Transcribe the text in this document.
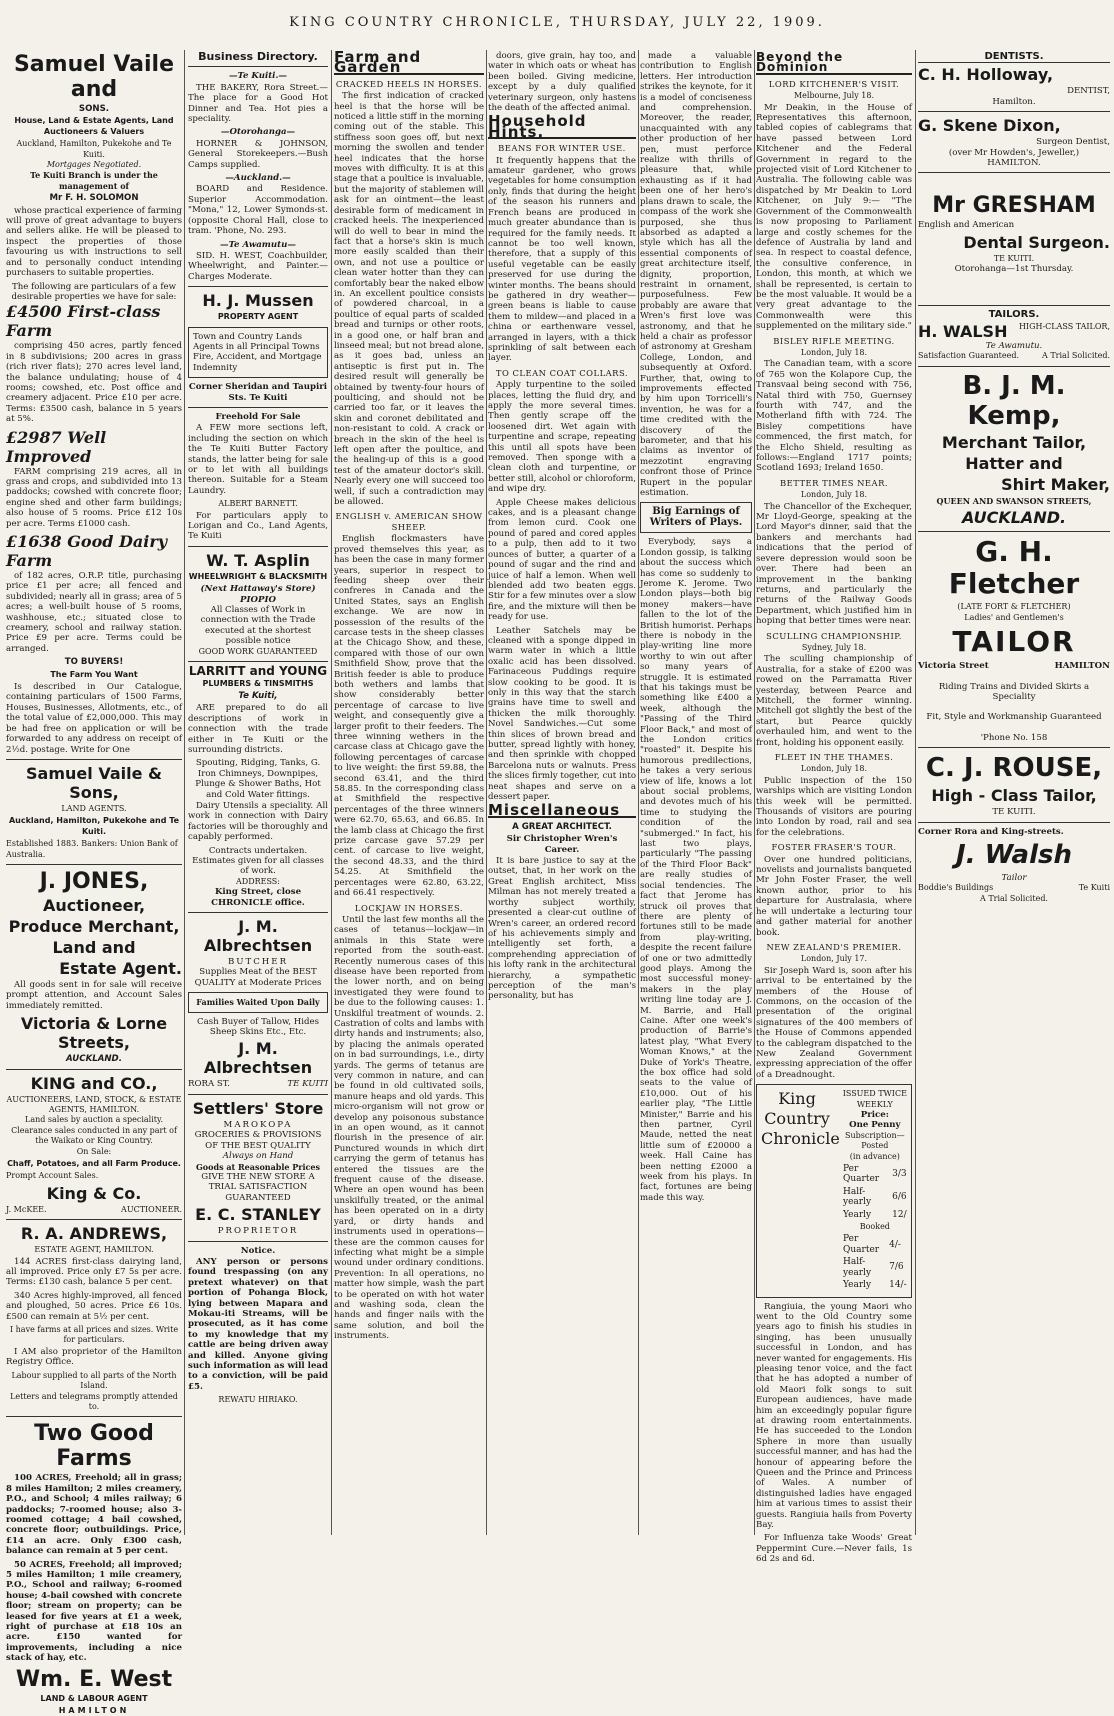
KING COUNTRY CHRONICLE, THURSDAY, JULY 22, 1909.
Samuel Vaile and
SONS.
House, Land & Estate Agents, Land Auctioneers & Valuers
Auckland, Hamilton, Pukekohe and Te Kuiti.
Mortgages Negotiated.
Te Kuiti Branch is under the management of
Mr F. H. SOLOMON
whose practical experience of farming will prove of great advantage to buyers and sellers alike. He will be pleased to inspect the properties of those favouring us with instructions to sell and to personally conduct intending purchasers to suitable properties.
The following are particulars of a few desirable properties we have for sale:
£4500 First-class Farm
comprising 450 acres, partly fenced in 8 subdivisions; 200 acres in grass (rich river flats); 270 acres level land, the balance undulating; house of 4 rooms; cowshed, etc. Post office and creamery adjacent. Price £10 per acre. Terms: £3500 cash, balance in 5 years at 5%.
£2987 Well Improved
FARM comprising 219 acres, all in grass and crops, and subdivided into 13 paddocks; cowshed with concrete floor; engine shed and other farm buildings; also house of 5 rooms. Price £12 10s per acre. Terms £1000 cash.
£1638 Good Dairy Farm
of 182 acres, O.R.P. title, purchasing price £1 per acre; all fenced and subdivided; nearly all in grass; area of 5 acres; a well-built house of 5 rooms, washhouse, etc.; situated close to creamery, school and railway station. Price £9 per acre. Terms could be arranged.
TO BUYERS!
The Farm You Want
Is described in Our Catalogue, containing particulars of 1500 Farms, Houses, Businesses, Allotments, etc., of the total value of £2,000,000. This may be had free on application or will be forwarded to any address on receipt of 2½d. postage. Write for One
Samuel Vaile & Sons,
LAND AGENTS.
Auckland, Hamilton, Pukekohe and Te Kuiti.
Established 1883. Bankers: Union Bank of Australia.
J. JONES,
Auctioneer,
Produce Merchant,
Land and
Estate Agent.
All goods sent in for sale will receive prompt attention, and Account Sales immediately remitted.
Victoria & Lorne Streets,
AUCKLAND.
KING and CO.,
AUCTIONEERS, LAND, STOCK, & ESTATE AGENTS, HAMILTON.
Land sales by auction a speciality.
Clearance sales conducted in any part of the Waikato or King Country.
On Sale:
Chaff, Potatoes, and all Farm Produce.
Prompt Account Sales.
King & Co.
J. McKEE.	AUCTIONEER.
R. A. ANDREWS,
ESTATE AGENT, HAMILTON.
144 ACRES first-class dairying land, all improved. Price only £7 5s per acre. Terms: £130 cash, balance 5 per cent.
340 Acres highly-improved, all fenced and ploughed, 50 acres. Price £6 10s. £500 can remain at 5½ per cent.
I have farms at all prices and sizes. Write for particulars.
I AM also proprietor of the Hamilton Registry Office.
Labour supplied to all parts of the North Island.
Letters and telegrams promptly attended to.
Two Good Farms
100 ACRES, Freehold; all in grass; 8 miles Hamilton; 2 miles creamery, P.O., and School; 4 miles railway; 6 paddocks; 7-roomed house; also 3-roomed cottage; 4 bail cowshed, concrete floor; outbuildings. Price, £14 an acre. Only £300 cash, balance can remain at 5 per cent.
50 ACRES, Freehold; all improved; 5 miles Hamilton; 1 mile creamery, P.O., School and railway; 6-roomed house; 4-bail cowshed with concrete floor; stream on property; can be leased for five years at £1 a week, right of purchase at £18 10s an acre. £150 wanted for improvements, including a nice stack of hay, etc.
Wm. E. West
LAND & LABOUR AGENT
HAMILTON
Business Directory.
—Te Kuiti.—
THE BAKERY, Rora Street.—The place for a Good Hot Dinner and Tea. Hot pies a speciality.
—Otorohanga—
HORNER & JOHNSON, General Storekeepers.—Bush Camps supplied.
—Auckland.—
BOARD and Residence. Superior Accommodation. "Mona," 12, Lower Symonds-st. (opposite Choral Hall, close to tram. 'Phone, No. 293.
—Te Awamutu—
SID. H. WEST, Coachbuilder, Wheelwright, and Painter.—Charges Moderate.
H. J. Mussen
PROPERTY AGENT
Town and Country Lands Agents in all Principal Towns Fire, Accident, and Mortgage Indemnity
Corner Sheridan and Taupiri Sts. Te Kuiti
Freehold For Sale
A FEW more sections left, including the section on which the Te Kuiti Butter Factory stands, the latter being for sale or to let with all buildings thereon. Suitable for a Steam Laundry.
ALBERT BARNETT.
For particulars apply to Lorigan and Co., Land Agents, Te Kuiti
W. T. Asplin
WHEELWRIGHT & BLACKSMITH
(Next Hattaway's Store) PIOPIO
All Classes of Work in connection with the Trade executed at the shortest possible notice
GOOD WORK GUARANTEED
LARRITT and YOUNG
PLUMBERS & TINSMITHS
Te Kuiti,
ARE prepared to do all descriptions of work in connection with the trade either in Te Kuiti or the surrounding districts.
Spouting, Ridging, Tanks, G. Iron Chimneys, Downpipes, Plunge & Shower Baths, Hot and Cold Water fittings.
Dairy Utensils a speciality. All work in connection with Dairy factories will be thoroughly and capably performed.
Contracts undertaken.
Estimates given for all classes of work.
ADDRESS:
King Street, close CHRONICLE office.
J. M. Albrechtsen
BUTCHER
Supplies Meat of the BEST QUALITY at Moderate Prices
Families Waited Upon Daily
Cash Buyer of Tallow, Hides Sheep Skins Etc., Etc.
J. M. Albrechtsen
RORA ST.	TE KUITI
Settlers' Store
MAROKOPA
GROCERIES & PROVISIONS OF THE BEST QUALITY
Always on Hand
Goods at Reasonable Prices
GIVE THE NEW STORE A TRIAL SATISFACTION GUARANTEED
E. C. STANLEY
PROPRIETOR
Notice.
ANY person or persons found trespassing (on any pretext whatever) on that portion of Pohanga Block, lying between Mapara and Mokau-iti Streams, will be prosecuted, as it has come to my knowledge that my cattle are being driven away and killed. Anyone giving such information as will lead to a conviction, will be paid £5.
REWATU HIRIAKO.
Farm and Garden
CRACKED HEELS IN HORSES.
The first indication of cracked heel is that the horse will be noticed a little stiff in the morning coming out of the stable. This stiffness soon goes off, but next morning the swollen and tender heel indicates that the horse moves with difficulty. It is at this stage that a poultice is invaluable, but the majority of stablemen will ask for an ointment—the least desirable form of medicament in cracked heels. The inexperienced will do well to bear in mind the fact that a horse's skin is much more easily scalded than their own, and not use a poultice or clean water hotter than they can comfortably bear the naked elbow in. An excellent poultice consists of powdered charcoal, in a poultice of equal parts of scalded bread and turnips or other roots, in a good one, or half bran and linseed meal; but not bread alone, as it goes bad, unless an antiseptic is first put in. The desired result will generally be obtained by twenty-four hours of poulticing, and should not be carried too far, or it leaves the skin and coronet debilitated and non-resistant to cold. A crack or breach in the skin of the heel is left open after the poultice, and the healing-up of this is a good test of the amateur doctor's skill. Nearly every one will succeed too well, if such a contradiction may be allowed.
ENGLISH v. AMERICAN SHOW SHEEP.
English flockmasters have proved themselves this year, as has been the case in many former years, superior in respect to feeding sheep over their confreres in Canada and the United States, says an English exchange. We are now in possession of the results of the carcase tests in the sheep classes at the Chicago Show, and these, compared with those of our own Smithfield Show, prove that the British feeder is able to produce both wethers and lambs that show considerably better percentage of carcase to live weight, and consequently give a larger profit to their feeders. The three winning wethers in the carcase class at Chicago gave the following percentages of carcase to live weight: the first 59.88, the second 63.41, and the third 58.85. In the corresponding class at Smithfield the respective percentages of the three winners were 62.70, 65.63, and 66.85. In the lamb class at Chicago the first prize carcase gave 57.29 per cent. of carcase to live weight, the second 48.33, and the third 54.25. At Smithfield the percentages were 62.80, 63.22, and 66.41 respectively.
LOCKJAW IN HORSES.
Until the last few months all the cases of tetanus—lockjaw—in animals in this State were reported from the south-east. Recently numerous cases of this disease have been reported from the lower north, and on being investigated they were found to be due to the following causes: 1. Unskilful treatment of wounds. 2. Castration of colts and lambs with dirty hands and instruments; also, by placing the animals operated on in bad surroundings, i.e., dirty yards. The germs of tetanus are very common in nature, and can be found in old cultivated soils, manure heaps and old yards. This micro-organism will not grow or develop any poisonous substance in an open wound, as it cannot flourish in the presence of air. Punctured wounds in which dirt carrying the germ of tetanus has entered the tissues are the frequent cause of the disease. Where an open wound has been unskilfully treated, or the animal has been operated on in a dirty yard, or dirty hands and instruments used in operations—these are the common causes for infecting what might be a simple wound under ordinary conditions. Prevention: In all operations, no matter how simple, wash the part to be operated on with hot water and washing soda, clean the hands and finger nails with the same solution, and boil the instruments.
doors, give grain, hay too, and water in which oats or wheat has been boiled. Giving medicine, except by a duly qualified veterinary surgeon, only hastens the death of the affected animal.
Household Hints.
BEANS FOR WINTER USE.
It frequently happens that the amateur gardener, who grows vegetables for home consumption only, finds that during the height of the season his runners and French beans are produced in much greater abundance than is required for the family needs. It cannot be too well known, therefore, that a supply of this useful vegetable can be easily preserved for use during the winter months. The beans should be gathered in dry weather—green beans is liable to cause them to mildew—and placed in a china or earthenware vessel, arranged in layers, with a thick sprinkling of salt between each layer.
TO CLEAN COAT COLLARS.
Apply turpentine to the soiled places, letting the fluid dry, and apply the more several times. Then gently scrape off the loosened dirt. Wet again with turpentine and scrape, repeating this until all spots have been removed. Then sponge with a clean cloth and turpentine, or better still, alcohol or chloroform, and wipe dry.
Apple Cheese makes delicious cakes, and is a pleasant change from lemon curd. Cook one pound of pared and cored apples to a pulp, then add to it two ounces of butter, a quarter of a pound of sugar and the rind and juice of half a lemon. When well blended add two beaten eggs. Stir for a few minutes over a slow fire, and the mixture will then be ready for use.
Leather Satchels may be cleaned with a sponge dipped in warm water in which a little oxalic acid has been dissolved. Farinaceous Puddings require slow cooking to be good. It is only in this way that the starch grains have time to swell and thicken the milk thoroughly. Novel Sandwiches.—Cut some thin slices of brown bread and butter, spread lightly with honey, and then sprinkle with chopped Barcelona nuts or walnuts. Press the slices firmly together, cut into neat shapes and serve on a dessert paper.
Miscellaneous
A GREAT ARCHITECT.
Sir Christopher Wren's Career.
It is bare justice to say at the outset, that, in her work on the Great English architect, Miss Milman has not merely treated a worthy subject worthily, presented a clear-cut outline of Wren's career, an ordered record of his achievements simply and intelligently set forth, a comprehending appreciation of his lofty rank in the architectural hierarchy, a sympathetic perception of the man's personality, but has
made a valuable contribution to English letters. Her introduction strikes the keynote, for it is a model of conciseness and comprehension. Moreover, the reader, unacquainted with any other production of her pen, must perforce realize with thrills of pleasure that, while exhausting as if it had been one of her hero's plans drawn to scale, the compass of the work she purposed, she thus absorbed as adapted a style which has all the essential components of great architecture itself, dignity, proportion, restraint in ornament, purposefulness. Few probably are aware that Wren's first love was astronomy, and that he held a chair as professor of astronomy at Gresham College, London, and subsequently at Oxford. Further, that, owing to improvements effected by him upon Torricelli's invention, he was for a time credited with the discovery of the barometer, and that his claims as inventor of mezzotint engraving confront those of Prince Rupert in the popular estimation.
Big Earnings of Writers of Plays.
Everybody, says a London gossip, is talking about the success which has come so suddenly to Jerome K. Jerome. Two London plays—both big money makers—have fallen to the lot of the British humorist. Perhaps there is nobody in the play-writing line more worthy to win out after so many years of struggle. It is estimated that his takings must be something like £400 a week, although the "Passing of the Third Floor Back," and most of the London critics "roasted" it. Despite his humorous predilections, he takes a very serious view of life, knows a lot about social problems, and devotes much of his time to studying the condition of the "submerged." In fact, his last two plays, particularly "The passing of the Third Floor Back" are really studies of social tendencies. The fact that Jerome has struck oil proves that there are plenty of fortunes still to be made from play-writing, despite the recent failure of one or two admittedly good plays. Among the most successful money-makers in the play writing line today are J. M. Barrie, and Hall Caine. After one week's production of Barrie's latest play, "What Every Woman Knows," at the Duke of York's Theatre, the box office had sold seats to the value of £10,000. Out of his earlier play, "The Little Minister," Barrie and his then partner, Cyril Maude, netted the neat little sum of £20000 a week. Hall Caine has been netting £2000 a week from his plays. In fact, fortunes are being made this way.
Beyond the Dominion
LORD KITCHENER'S VISIT.
Melbourne, July 18.
Mr Deakin, in the House of Representatives this afternoon, tabled copies of cablegrams that have passed between Lord Kitchener and the Federal Government in regard to the projected visit of Lord Kitchener to Australia. The following cable was dispatched by Mr Deakin to Lord Kitchener, on July 9:— "The Government of the Commonwealth is now proposing to Parliament large and costly schemes for the defence of Australia by land and sea. In respect to coastal defence, the consultive conference, in London, this month, at which we shall be represented, is certain to be the most valuable. It would be a very great advantage to the Commonwealth were this supplemented on the military side."
BISLEY RIFLE MEETING.
London, July 18.
The Canadian team, with a score of 765 won the Kolapore Cup, the Transvaal being second with 756, Natal third with 750, Guernsey fourth with 747, and the Motherland fifth with 724. The Bisley competitions have commenced, the first match, for the Elcho Shield, resulting as follows:—England 1717 points; Scotland 1693; Ireland 1650.
BETTER TIMES NEAR.
London, July 18.
The Chancellor of the Exchequer, Mr Lloyd-George, speaking at the Lord Mayor's dinner, said that the bankers and merchants had indications that the period of severe depression would soon be over. There had been an improvement in the banking returns, and particularly the returns of the Railway Goods Department, which justified him in hoping that better times were near.
SCULLING CHAMPIONSHIP.
Sydney, July 18.
The sculling championship of Australia, for a stake of £200 was rowed on the Parramatta River yesterday, between Pearce and Mitchell, the former winning. Mitchell got slightly the best of the start, but Pearce quickly overhauled him, and went to the front, holding his opponent easily.
FLEET IN THE THAMES.
London, July 18.
Public inspection of the 150 warships which are visiting London this week will be permitted. Thousands of visitors are pouring into London by road, rail and sea for the celebrations.
FOSTER FRASER'S TOUR.
Over one hundred politicians, novelists and journalists banqueted Mr John Foster Fraser, the well known author, prior to his departure for Australasia, where he will undertake a lecturing tour and gather material for another book.
NEW ZEALAND'S PREMIER.
London, July 17.
Sir Joseph Ward is, soon after his arrival to be entertained by the members of the House of Commons, on the occasion of the presentation of the original signatures of the 400 members of the House of Commons appended to the cablegram dispatched to the New Zealand Government expressing appreciation of the offer of a Dreadnought.
King Country Chronicle
ISSUED TWICE WEEKLY
Price:
One Penny
Subscription—Posted
(in advance)
Per Quarter	3/3
Half-yearly	6/6
Yearly	12/
Booked
Per Quarter	4/-
Half-yearly	7/6
Yearly	14/-
Rangiuia, the young Maori who went to the Old Country some years ago to finish his studies in singing, has been unusually successful in London, and has never wanted for engagements. His pleasing tenor voice, and the fact that he has adopted a number of old Maori folk songs to suit European audiences, have made him an exceedingly popular figure at drawing room entertainments. He has succeeded to the London Sphere in more than usually successful manner, and has had the honour of appearing before the Queen and the Prince and Princess of Wales. A number of distinguished ladies have engaged him at various times to assist their guests. Rangiuia hails from Poverty Bay.
For Influenza take Woods' Great Peppermint Cure.—Never fails, 1s 6d 2s and 6d.
DENTISTS.
C. H. Holloway,
DENTIST,
Hamilton.
G. Skene Dixon,
Surgeon Dentist,
(over Mr Howden's, Jeweller,)
HAMILTON.
Mr GRESHAM
English and American
Dental Surgeon.
TE KUITI.
Otorohanga—1st Thursday.
TAILORS.
H. WALSH HIGH-CLASS TAILOR,
Te Awamutu.
Satisfaction Guaranteed.	A Trial Solicited.
B. J. M. Kemp,
Merchant Tailor,
Hatter and
Shirt Maker,
QUEEN AND SWANSON STREETS,
AUCKLAND.
G. H. Fletcher
(LATE FORT & FLETCHER)
Ladies' and Gentlemen's
TAILOR
Victoria Street	HAMILTON
Riding Trains and Divided Skirts a Speciality
Fit, Style and Workmanship Guaranteed
'Phone No. 158
C. J. ROUSE,
High - Class Tailor,
TE KUITI.
Corner Rora and King-streets.
J. Walsh
Tailor
Boddie's Buildings	Te Kuiti
A Trial Solicited.
